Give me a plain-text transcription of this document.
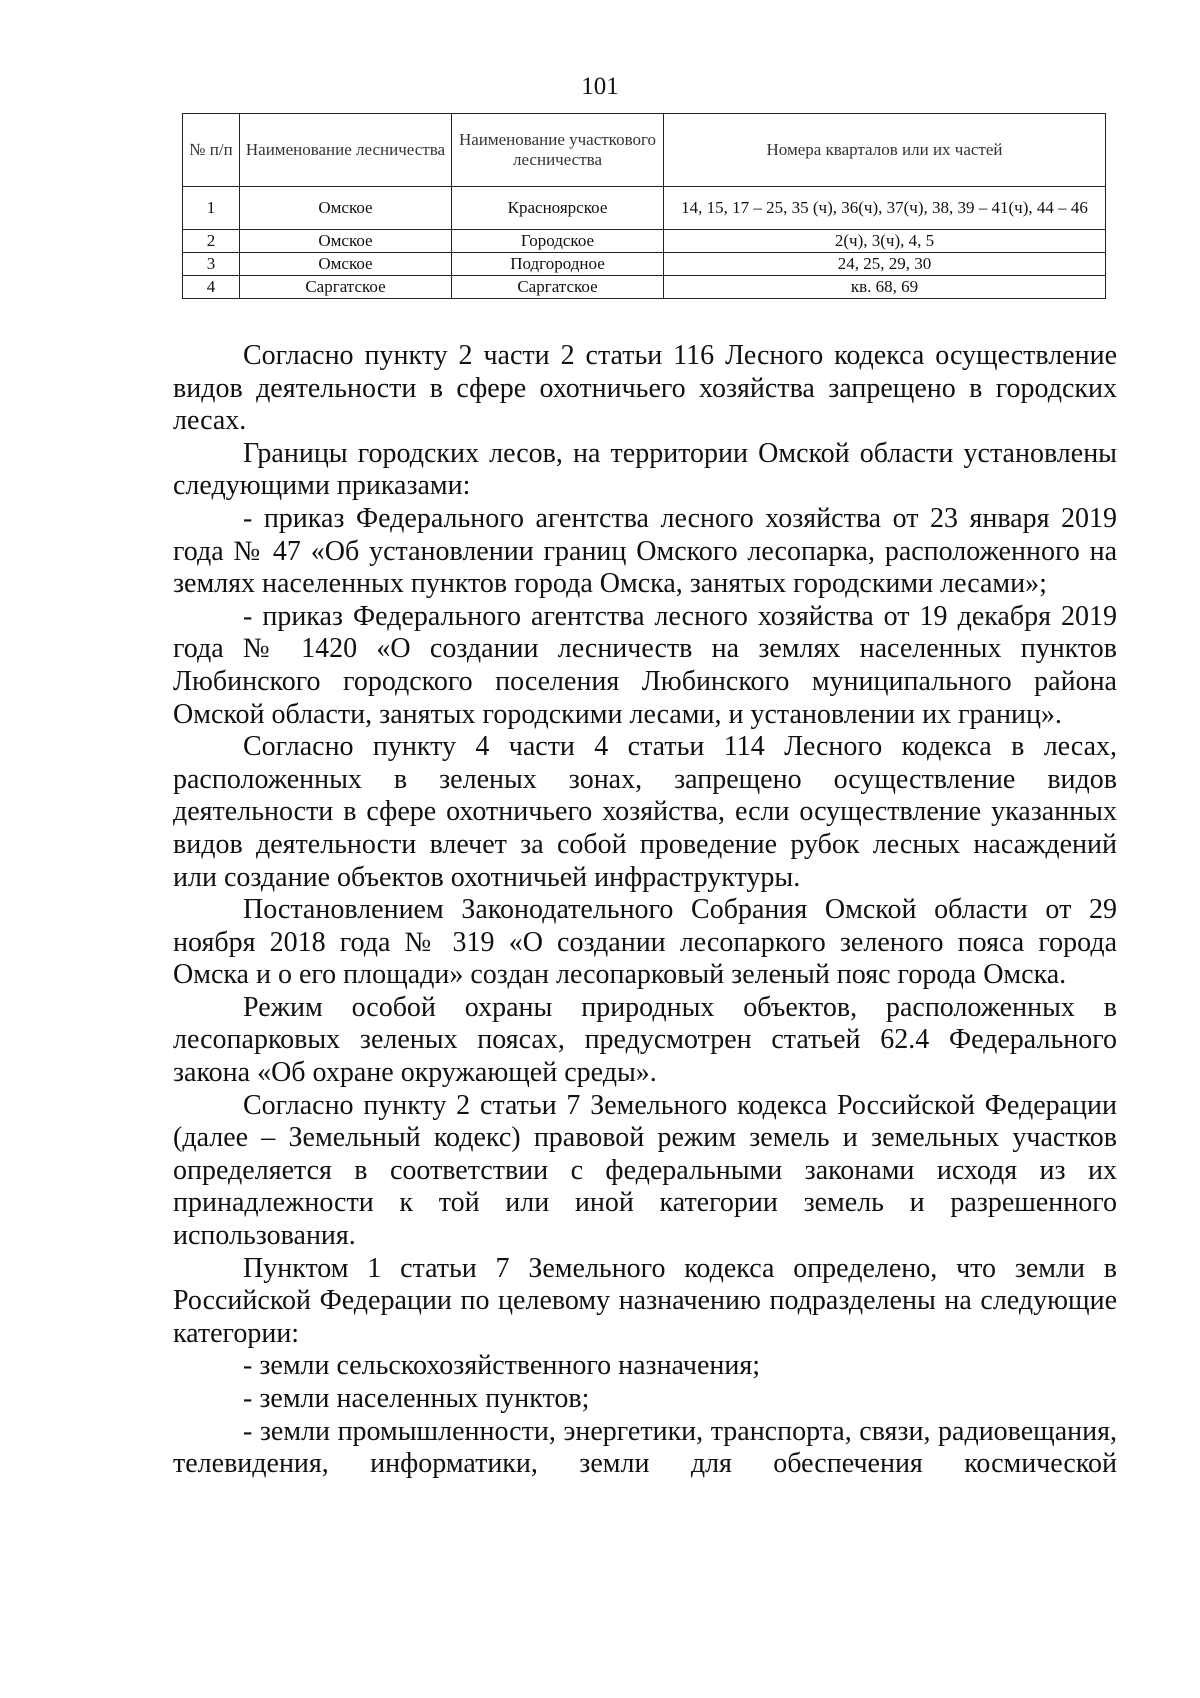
101
№ п/п	Наименование лесничества	Наименование участкового лесничества	Номера кварталов или их частей
1	Омское	Красноярское	14, 15, 17 – 25, 35 (ч), 36(ч), 37(ч), 38, 39 – 41(ч), 44 – 46
2	Омское	Городское	2(ч), 3(ч), 4, 5
3	Омское	Подгородное	24, 25, 29, 30
4	Саргатское	Саргатское	кв. 68, 69

Согласно пункту 2 части 2 статьи 116 Лесного кодекса осуществление видов деятельности в сфере охотничьего хозяйства запрещено в городских лесах.

Границы городских лесов, на территории Омской области установлены следующими приказами:

- приказ Федерального агентства лесного хозяйства от 23 января 2019 года № 47 «Об установлении границ Омского лесопарка, расположенного на землях населенных пунктов города Омска, занятых городскими лесами»;

- приказ Федерального агентства лесного хозяйства от 19 декабря 2019 года № 1420 «О создании лесничеств на землях населенных пунктов Любинского городского поселения Любинского муниципального района Омской области, занятых городскими лесами, и установлении их границ».

Согласно пункту 4 части 4 статьи 114 Лесного кодекса в лесах, расположенных в зеленых зонах, запрещено осуществление видов деятельности в сфере охотничьего хозяйства, если осуществление указанных видов деятельности влечет за собой проведение рубок лесных насаждений или создание объектов охотничьей инфраструктуры.

Постановлением Законодательного Собрания Омской области от 29 ноября 2018 года № 319 «О создании лесопаркого зеленого пояса города Омска и о его площади» создан лесопарковый зеленый пояс города Омска.

Режим особой охраны природных объектов, расположенных в лесопарковых зеленых поясах, предусмотрен статьей 62.4 Федерального закона «Об охране окружающей среды».

Согласно пункту 2 статьи 7 Земельного кодекса Российской Федерации (далее – Земельный кодекс) правовой режим земель и земельных участков определяется в соответствии с федеральными законами исходя из их принадлежности к той или иной категории земель и разрешенного использования.

Пунктом 1 статьи 7 Земельного кодекса определено, что земли в Российской Федерации по целевому назначению подразделены на следующие категории:

- земли сельскохозяйственного назначения;

- земли населенных пунктов;

- земли промышленности, энергетики, транспорта, связи, радиовещания, телевидения, информатики, земли для обеспечения космической
